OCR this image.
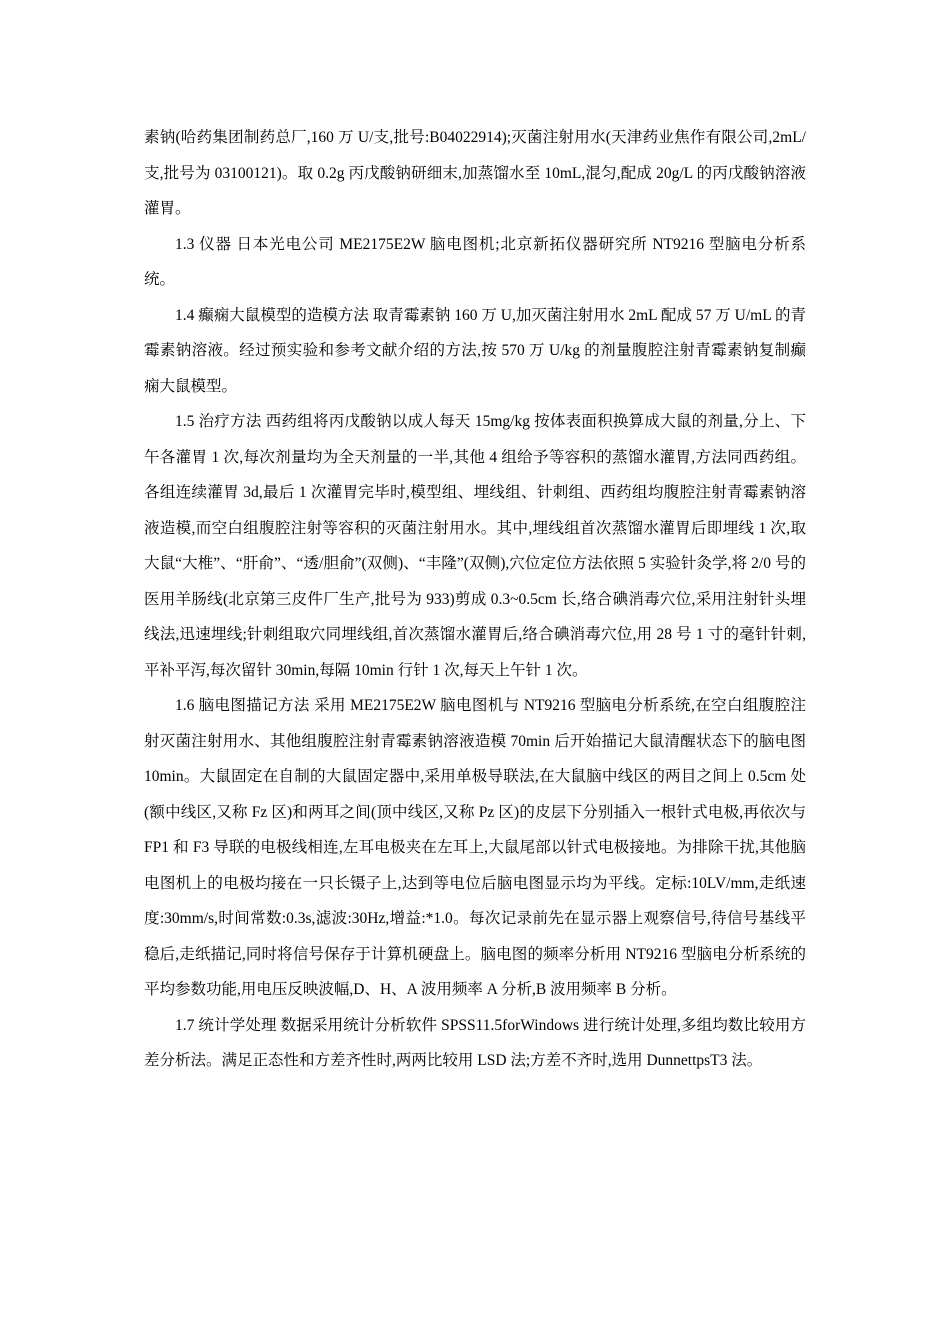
素钠(哈药集团制药总厂,160 万 U/支,批号:B04022914);灭菌注射用水(天津药业焦作有限公司,2mL/支,批号为 03100121)。取 0.2g 丙戊酸钠研细末,加蒸馏水至 10mL,混匀,配成 20g/L 的丙戊酸钠溶液灌胃。

1.3 仪器 日本光电公司 ME2175E2W 脑电图机;北京新拓仪器研究所 NT9216 型脑电分析系统。

1.4 癫痫大鼠模型的造模方法 取青霉素钠 160 万 U,加灭菌注射用水 2mL 配成 57 万 U/mL 的青霉素钠溶液。经过预实验和参考文献介绍的方法,按 570 万 U/kg 的剂量腹腔注射青霉素钠复制癫痫大鼠模型。

1.5 治疗方法 西药组将丙戊酸钠以成人每天 15mg/kg 按体表面积换算成大鼠的剂量,分上、下午各灌胃 1 次,每次剂量均为全天剂量的一半,其他 4 组给予等容积的蒸馏水灌胃,方法同西药组。各组连续灌胃 3d,最后 1 次灌胃完毕时,模型组、埋线组、针刺组、西药组均腹腔注射青霉素钠溶液造模,而空白组腹腔注射等容积的灭菌注射用水。其中,埋线组首次蒸馏水灌胃后即埋线 1 次,取大鼠“大椎”、“肝俞”、“透/胆俞”(双侧)、“丰隆”(双侧),穴位定位方法依照 5 实验针灸学,将 2/0 号的医用羊肠线(北京第三皮件厂生产,批号为 933)剪成 0.3~0.5cm 长,络合碘消毒穴位,采用注射针头埋线法,迅速埋线;针刺组取穴同埋线组,首次蒸馏水灌胃后,络合碘消毒穴位,用 28 号 1 寸的毫针针刺,平补平泻,每次留针 30min,每隔 10min 行针 1 次,每天上午针 1 次。

1.6 脑电图描记方法 采用 ME2175E2W 脑电图机与 NT9216 型脑电分析系统,在空白组腹腔注射灭菌注射用水、其他组腹腔注射青霉素钠溶液造模 70min 后开始描记大鼠清醒状态下的脑电图 10min。大鼠固定在自制的大鼠固定器中,采用单极导联法,在大鼠脑中线区的两目之间上 0.5cm 处(额中线区,又称 Fz 区)和两耳之间(顶中线区,又称 Pz 区)的皮层下分别插入一根针式电极,再依次与 FP1 和 F3 导联的电极线相连,左耳电极夹在左耳上,大鼠尾部以针式电极接地。为排除干扰,其他脑电图机上的电极均接在一只长镊子上,达到等电位后脑电图显示均为平线。定标:10LV/mm,走纸速度:30mm/s,时间常数:0.3s,滤波:30Hz,增益:*1.0。每次记录前先在显示器上观察信号,待信号基线平稳后,走纸描记,同时将信号保存于计算机硬盘上。脑电图的频率分析用 NT9216 型脑电分析系统的平均参数功能,用电压反映波幅,D、H、A 波用频率 A 分析,B 波用频率 B 分析。

1.7 统计学处理 数据采用统计分析软件 SPSS11.5forWindows 进行统计处理,多组均数比较用方差分析法。满足正态性和方差齐性时,两两比较用 LSD 法;方差不齐时,选用 DunnettpsT3 法。
